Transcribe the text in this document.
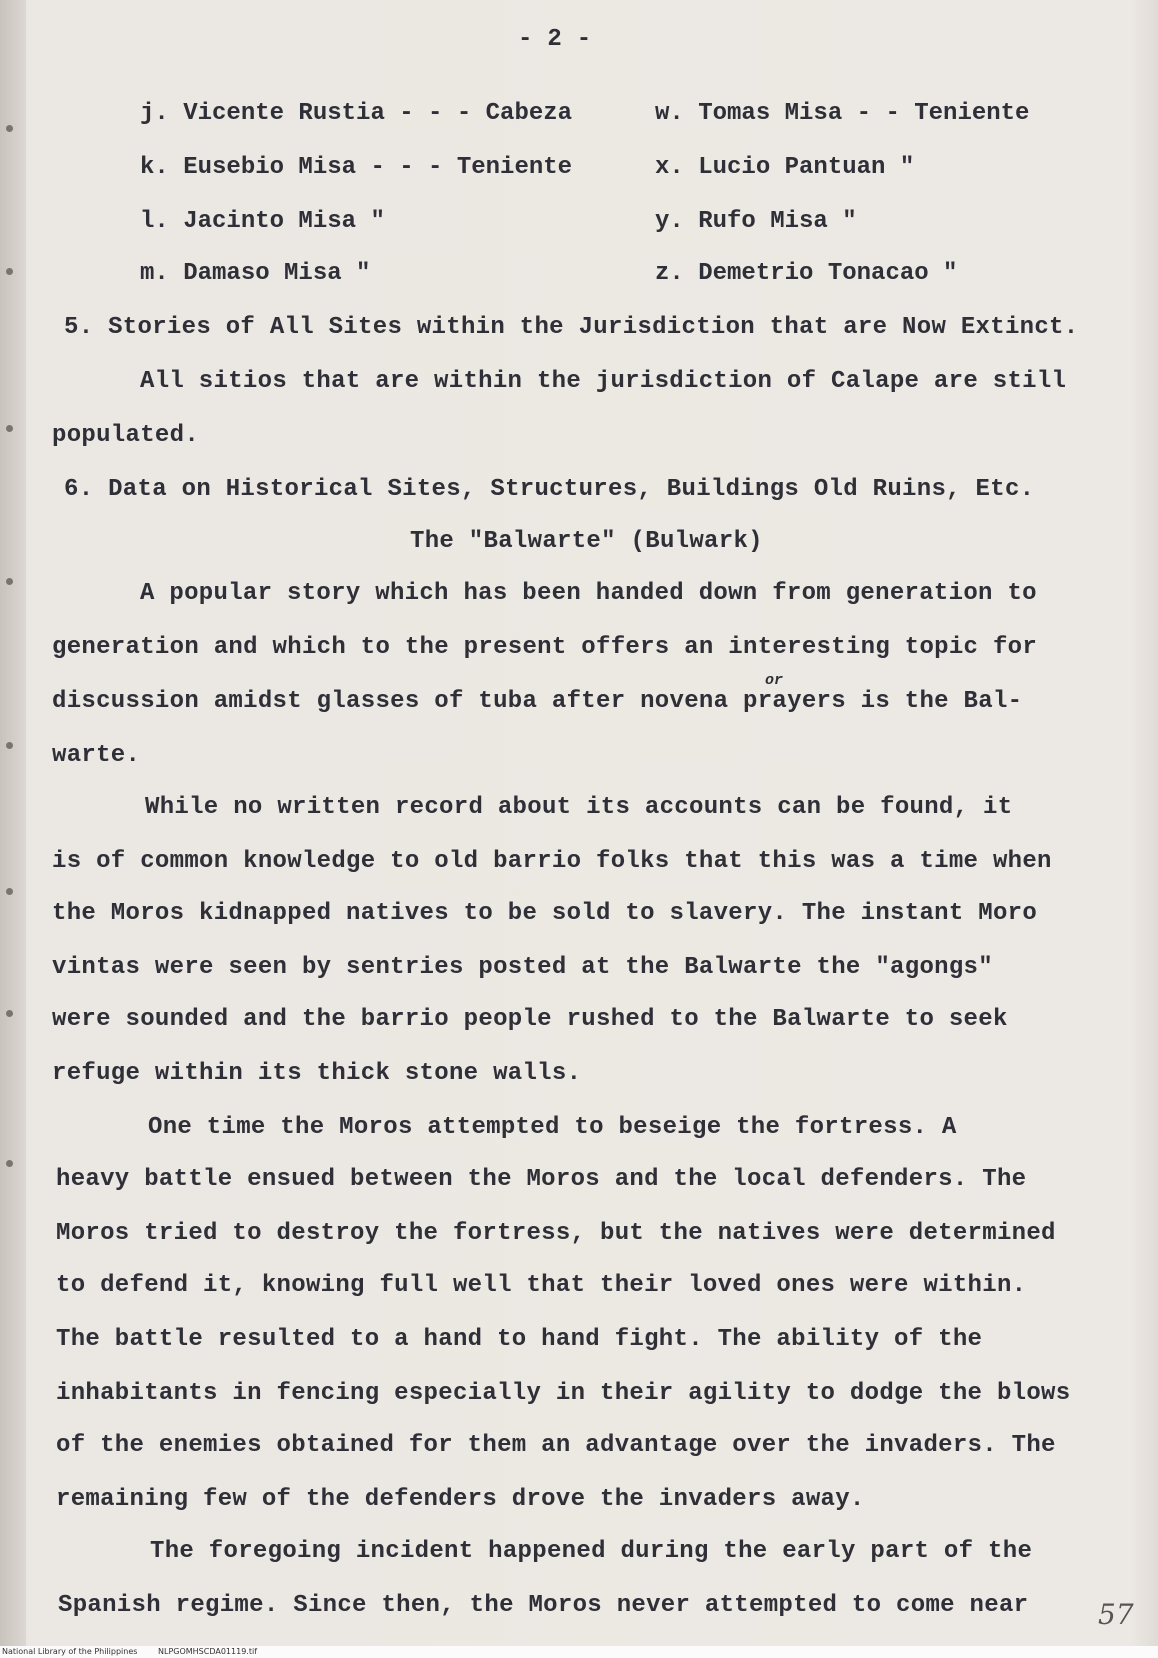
- 2 -
j. Vicente Rustia - - - Cabeza	w. Tomas Misa - - Teniente
k. Eusebio Misa - - - Teniente	x. Lucio Pantuan "
l. Jacinto Misa "	y. Rufo Misa "
m. Damaso Misa "	z. Demetrio Tonacao "
5. Stories of All Sites within the Jurisdiction that are Now Extinct.
All sitios that are within the jurisdiction of Calape are still
populated.
6. Data on Historical Sites, Structures, Buildings Old Ruins, Etc.
The "Balwarte" (Bulwark)
A popular story which has been handed down from generation to
generation and which to the present offers an interesting topic for
discussion amidst glasses of tuba after novena prayers is the Bal-
or
warte.
While no written record about its accounts can be found, it
is of common knowledge to old barrio folks that this was a time when
the Moros kidnapped natives to be sold to slavery. The instant Moro
vintas were seen by sentries posted at the Balwarte the "agongs"
were sounded and the barrio people rushed to the Balwarte to seek
refuge within its thick stone walls.
One time the Moros attempted to beseige the fortress. A
heavy battle ensued between the Moros and the local defenders. The
Moros tried to destroy the fortress, but the natives were determined
to defend it, knowing full well that their loved ones were within.
The battle resulted to a hand to hand fight. The ability of the
inhabitants in fencing especially in their agility to dodge the blows
of the enemies obtained for them an advantage over the invaders. The
remaining few of the defenders drove the invaders away.
The foregoing incident happened during the early part of the
Spanish regime. Since then, the Moros never attempted to come near 57
National Library of the Philippines	NLPGOMHSCDA01119.tif
